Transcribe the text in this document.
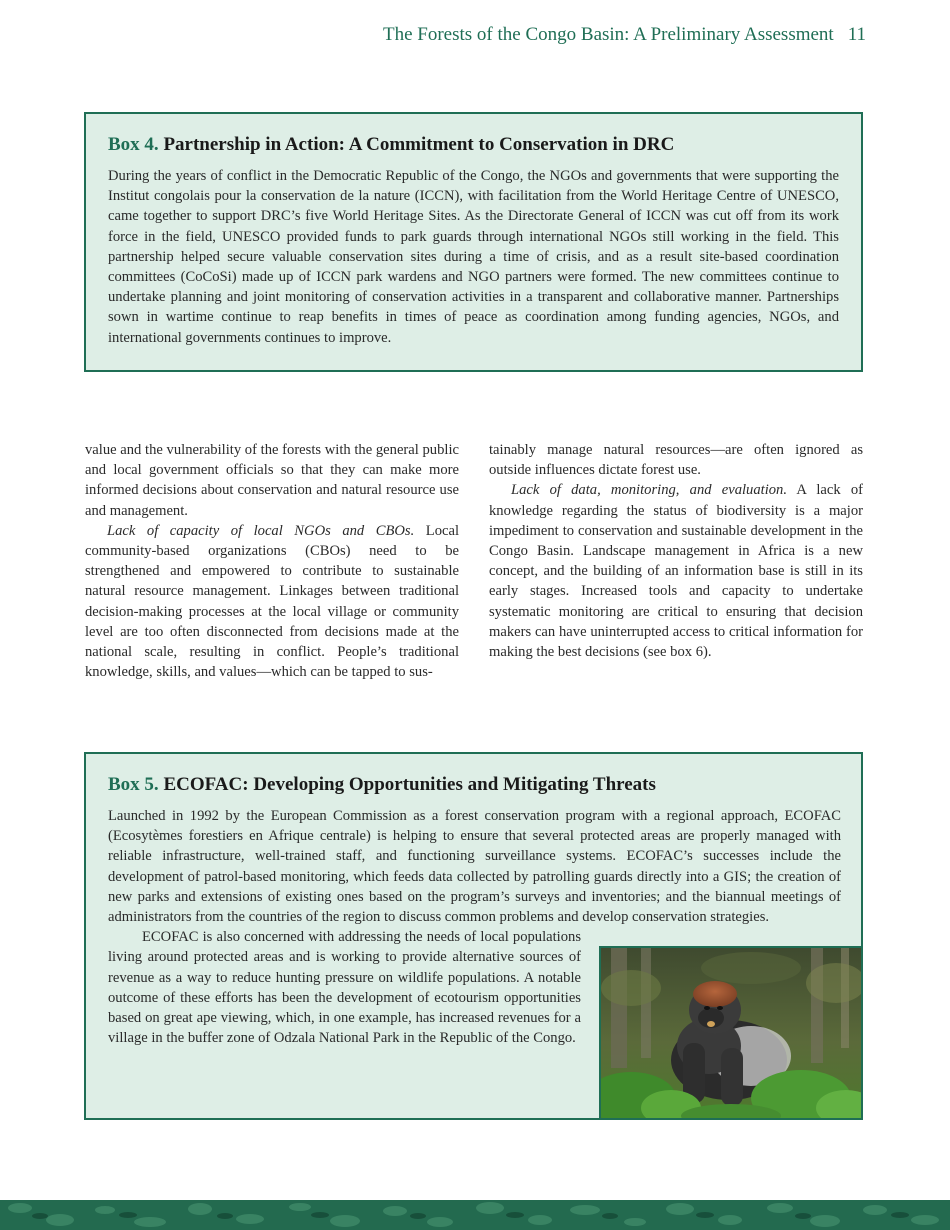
The Forests of the Congo Basin: A Preliminary Assessment 11
Box 4. Partnership in Action: A Commitment to Conservation in DRC

During the years of conflict in the Democratic Republic of the Congo, the NGOs and governments that were supporting the Institut congolais pour la conservation de la nature (ICCN), with facilitation from the World Heritage Centre of UNESCO, came together to support DRC’s five World Heritage Sites. As the Directorate General of ICCN was cut off from its work force in the field, UNESCO provided funds to park guards through international NGOs still working in the field. This partnership helped secure valuable conservation sites during a time of crisis, and as a result site-based coordination committees (CoCoSi) made up of ICCN park wardens and NGO partners were formed. The new committees continue to undertake planning and joint monitoring of conservation activities in a transparent and collaborative manner. Partnerships sown in wartime continue to reap benefits in times of peace as coordination among funding agencies, NGOs, and international governments continues to improve.

value and the vulnerability of the forests with the general public and local government officials so that they can make more informed decisions about conservation and natural resource use and management.

Lack of capacity of local NGOs and CBOs. Local community-based organizations (CBOs) need to be strengthened and empowered to contribute to sustainable natural resource management. Linkages between traditional decision-making processes at the local village or community level are too often disconnected from decisions made at the national scale, resulting in conflict. People’s traditional knowledge, skills, and values—which can be tapped to sus-

tainably manage natural resources—are often ignored as outside influences dictate forest use.

Lack of data, monitoring, and evaluation. A lack of knowledge regarding the status of biodiversity is a major impediment to conservation and sustainable development in the Congo Basin. Landscape management in Africa is a new concept, and the building of an information base is still in its early stages. Increased tools and capacity to undertake systematic monitoring are critical to ensuring that decision makers can have uninterrupted access to critical information for making the best decisions (see box 6).

Box 5. ECOFAC: Developing Opportunities and Mitigating Threats

Launched in 1992 by the European Commission as a forest conservation program with a regional approach, ECOFAC (Ecosytèmes forestiers en Afrique centrale) is helping to ensure that several protected areas are properly managed with reliable infrastructure, well-trained staff, and functioning surveillance systems. ECOFAC’s successes include the development of patrol-based monitoring, which feeds data collected by patrolling guards directly into a GIS; the creation of new parks and extensions of existing ones based on the program’s surveys and inventories; and the biannual meetings of administrators from the countries of the region to discuss common problems and develop conservation strategies.

ECOFAC is also concerned with addressing the needs of local populations living around protected areas and is working to provide alternative sources of revenue as a way to reduce hunting pressure on wildlife populations. A notable outcome of these efforts has been the development of ecotourism opportunities based on great ape viewing, which, in one example, has increased revenues for a village in the buffer zone of Odzala National Park in the Republic of the Congo.
